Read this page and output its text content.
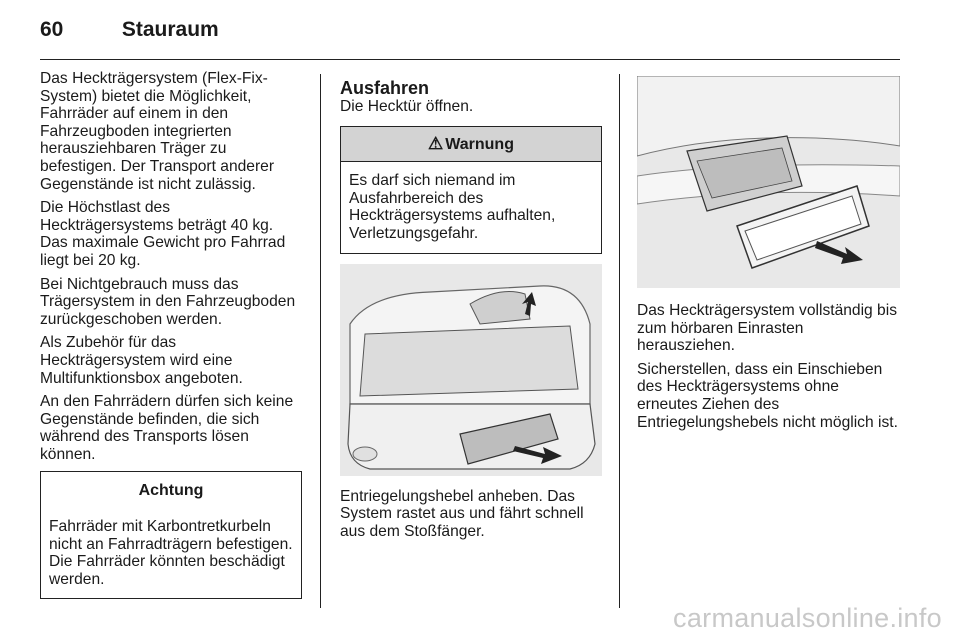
60	Stauraum

Das Heckträgersystem (Flex-Fix-System) bietet die Möglichkeit, Fahrräder auf einem in den Fahrzeugboden integrierten herausziehbaren Träger zu befestigen. Der Transport anderer Gegenstände ist nicht zulässig.

Die Höchstlast des Heckträgersystems beträgt 40 kg. Das maximale Gewicht pro Fahrrad liegt bei 20 kg.

Bei Nichtgebrauch muss das Trägersystem in den Fahrzeugboden zurückgeschoben werden.

Als Zubehör für das Heckträgersystem wird eine Multifunktionsbox angeboten.

An den Fahrrädern dürfen sich keine Gegenstände befinden, die sich während des Transports lösen können.

Achtung
Fahrräder mit Karbontretkurbeln nicht an Fahrradträgern befestigen. Die Fahrräder könnten beschädigt werden.
Ausfahren

Die Hecktür öffnen.

⚠ Warnung
Es darf sich niemand im Ausfahrbereich des Heckträgersystems aufhalten, Verletzungsgefahr.

Entriegelungshebel anheben. Das System rastet aus und fährt schnell aus dem Stoßfänger.

Das Heckträgersystem vollständig bis zum hörbaren Einrasten herausziehen.

Sicherstellen, dass ein Einschieben des Heckträgersystems ohne erneutes Ziehen des Entriegelungshebels nicht möglich ist.

carmanualsonline.info
